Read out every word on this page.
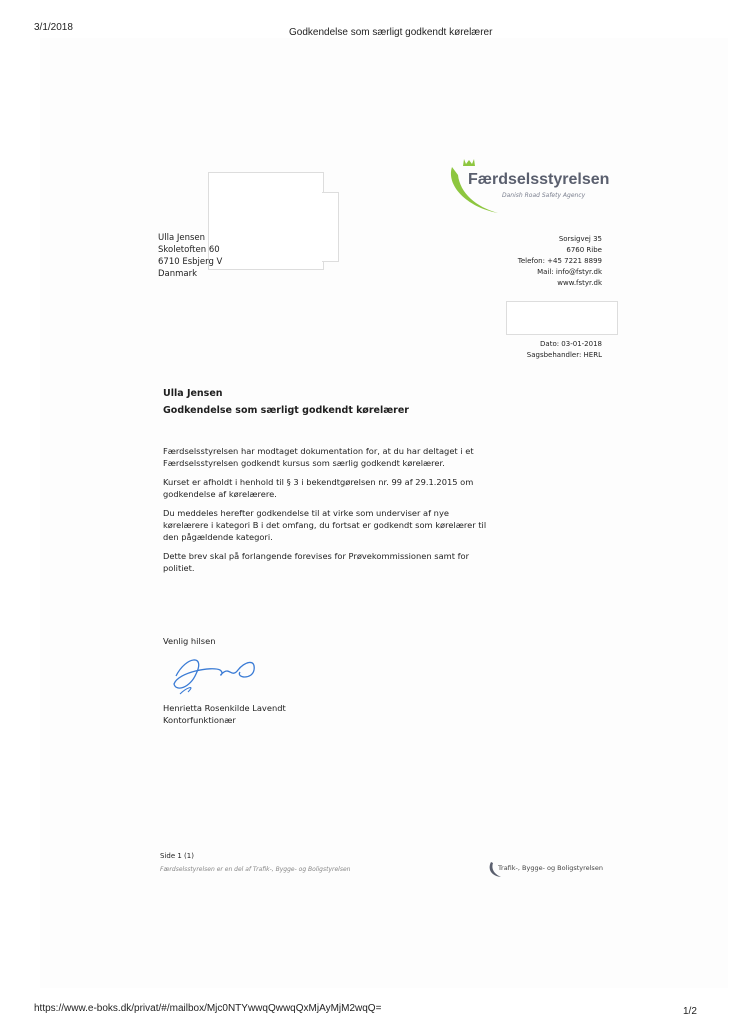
3/1/2018	Godkendelse som særligt godkendt kørelærer
Færdselsstyrelsen
Danish Road Safety Agency
Ulla Jensen
Skoletoften 60
6710 Esbjerg V
Danmark
Sorsigvej 35
6760 Ribe
Telefon: +45 7221 8899
Mail: info@fstyr.dk
www.fstyr.dk
Dato: 03-01-2018
Sagsbehandler: HERL
Ulla Jensen
Godkendelse som særligt godkendt kørelærer

Færdselsstyrelsen har modtaget dokumentation for, at du har deltaget i et Færdselsstyrelsen godkendt kursus som særlig godkendt kørelærer.

Kurset er afholdt i henhold til § 3 i bekendtgørelsen nr. 99 af 29.1.2015 om godkendelse af kørelærere.

Du meddeles herefter godkendelse til at virke som underviser af nye kørelærere i kategori B i det omfang, du fortsat er godkendt som kørelærer til den pågældende kategori.

Dette brev skal på forlangende forevises for Prøvekommissionen samt for politiet.

Venlig hilsen
Henrietta Rosenkilde Lavendt
Kontorfunktionær
Side 1 (1)
Færdselsstyrelsen er en del af Trafik-, Bygge- og Boligstyrelsen	Trafik-, Bygge- og Boligstyrelsen
https://www.e-boks.dk/privat/#/mailbox/Mjc0NTYwwqQwwqQxMjAyMjM2wqQ=	1/2
